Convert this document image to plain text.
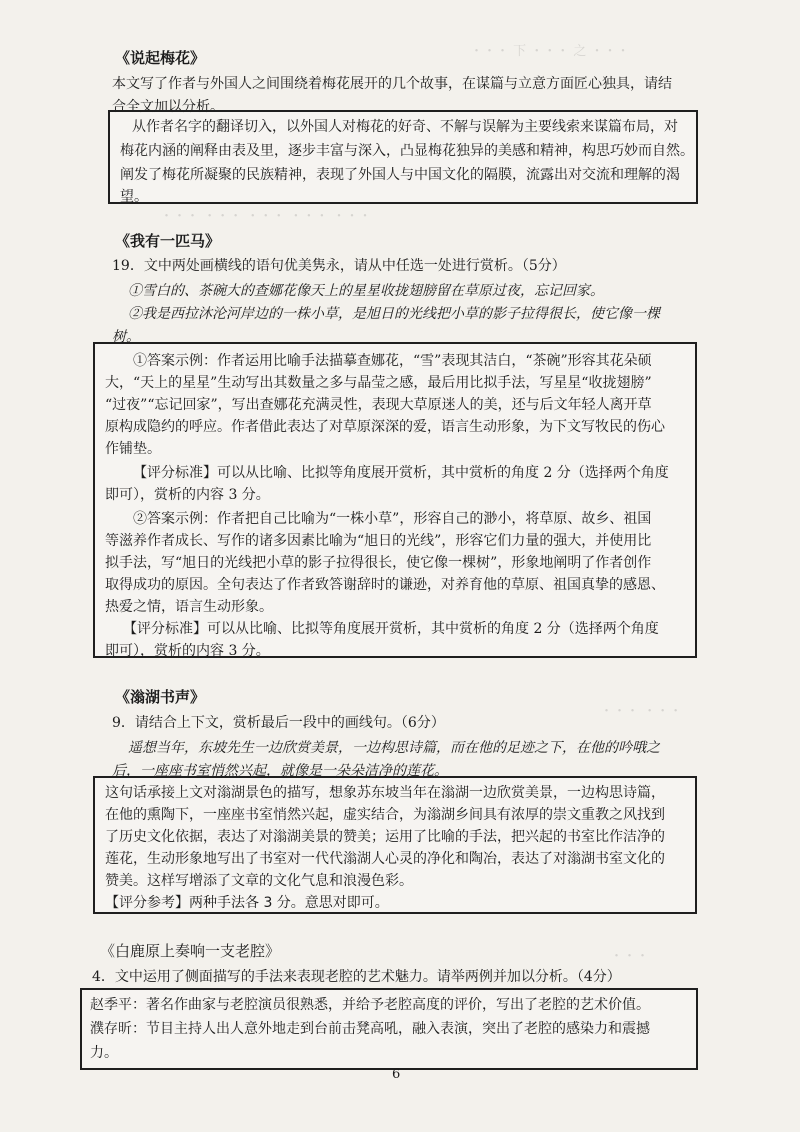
・・・ 下 ・・・ 之 ・・・
・・・ ・・・ ・・・ ・・・ ・・・
・・・ ・・・
・・・
《说起梅花》
本文写了作者与外国人之间围绕着梅花展开的几个故事，在谋篇与立意方面匠心独具，请结
合全文加以分析。
从作者名字的翻译切入，以外国人对梅花的好奇、不解与误解为主要线索来谋篇布局，对
梅花内涵的阐释由表及里，逐步丰富与深入，凸显梅花独异的美感和精神，构思巧妙而自然。
阐发了梅花所凝聚的民族精神，表现了外国人与中国文化的隔膜，流露出对交流和理解的渴
望。
《我有一匹马》
19．文中两处画横线的语句优美隽永，请从中任选一处进行赏析。（5分）
①雪白的、茶碗大的查娜花像天上的星星收拢翅膀留在草原过夜，忘记回家。
②我是西拉沐沦河岸边的一株小草，是旭日的光线把小草的影子拉得很长，使它像一棵
树。
①答案示例：作者运用比喻手法描摹查娜花，“雪”表现其洁白，“茶碗”形容其花朵硕
大，“天上的星星”生动写出其数量之多与晶莹之感，最后用比拟手法，写星星“收拢翅膀”
“过夜”“忘记回家”，写出查娜花充满灵性，表现大草原迷人的美，还与后文年轻人离开草
原构成隐约的呼应。作者借此表达了对草原深深的爱，语言生动形象，为下文写牧民的伤心
作铺垫。
【评分标准】可以从比喻、比拟等角度展开赏析，其中赏析的角度 2 分（选择两个角度
即可），赏析的内容 3 分。
②答案示例：作者把自己比喻为“一株小草”，形容自己的渺小，将草原、故乡、祖国
等滋养作者成长、写作的诸多因素比喻为“旭日的光线”，形容它们力量的强大，并使用比
拟手法，写“旭日的光线把小草的影子拉得很长，使它像一棵树”，形象地阐明了作者创作
取得成功的原因。全句表达了作者致答谢辞时的谦逊，对养育他的草原、祖国真挚的感恩、
热爱之情，语言生动形象。
【评分标准】可以从比喻、比拟等角度展开赏析，其中赏析的角度 2 分（选择两个角度
即可），赏析的内容 3 分。
《滃湖书声》
9．请结合上下文，赏析最后一段中的画线句。（6分）
遥想当年，东坡先生一边欣赏美景，一边构思诗篇，而在他的足迹之下，在他的吟哦之
后，一座座书室悄然兴起，就像是一朵朵洁净的莲花。
这句话承接上文对滃湖景色的描写，想象苏东坡当年在滃湖一边欣赏美景，一边构思诗篇，
在他的熏陶下，一座座书室悄然兴起，虚实结合，为滃湖乡间具有浓厚的崇文重教之风找到
了历史文化依据，表达了对滃湖美景的赞美；运用了比喻的手法，把兴起的书室比作洁净的
莲花，生动形象地写出了书室对一代代滃湖人心灵的净化和陶冶，表达了对滃湖书室文化的
赞美。这样写增添了文章的文化气息和浪漫色彩。
【评分参考】两种手法各 3 分。意思对即可。
《白鹿原上奏响一支老腔》
4．文中运用了侧面描写的手法来表现老腔的艺术魅力。请举两例并加以分析。（4分）
赵季平：著名作曲家与老腔演员很熟悉，并给予老腔高度的评价，写出了老腔的艺术价值。
濮存昕：节目主持人出人意外地走到台前击凳高吼，融入表演，突出了老腔的感染力和震撼
力。
6
